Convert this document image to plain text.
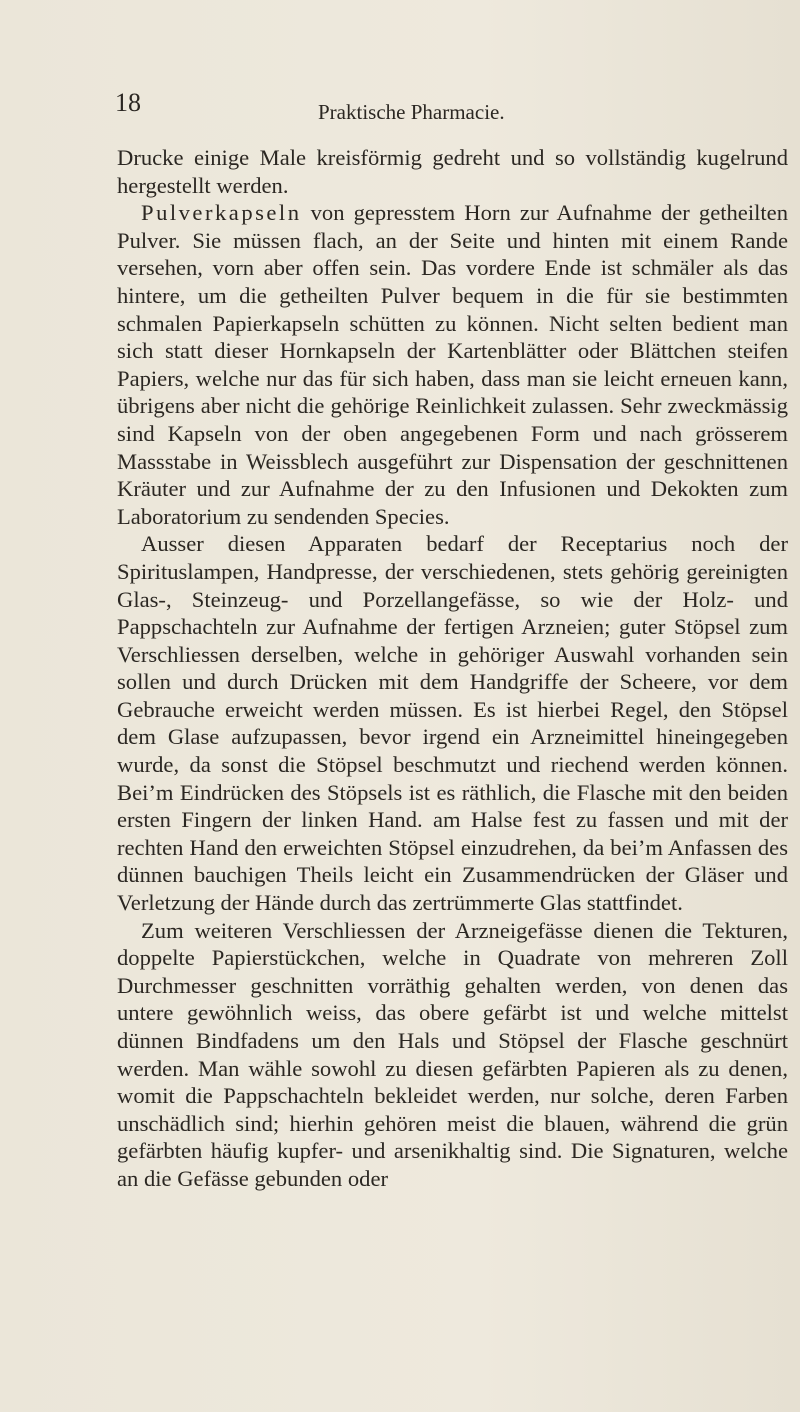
18	Praktische Pharmacie.

Drucke einige Male kreisförmig gedreht und so vollständig kugelrund hergestellt werden.

Pulverkapseln von gepresstem Horn zur Aufnahme der getheilten Pulver. Sie müssen flach, an der Seite und hinten mit einem Rande versehen, vorn aber offen sein. Das vordere Ende ist schmäler als das hintere, um die getheilten Pulver bequem in die für sie bestimmten schmalen Papierkapseln schütten zu können. Nicht selten bedient man sich statt dieser Hornkapseln der Kartenblätter oder Blättchen steifen Papiers, welche nur das für sich haben, dass man sie leicht erneuen kann, übrigens aber nicht die gehörige Reinlichkeit zulassen. Sehr zweckmässig sind Kapseln von der oben angegebenen Form und nach grösserem Massstabe in Weissblech ausgeführt zur Dispensation der geschnittenen Kräuter und zur Aufnahme der zu den Infusionen und Dekokten zum Laboratorium zu sendenden Species.

Ausser diesen Apparaten bedarf der Receptarius noch der Spirituslampen, Handpresse, der verschiedenen, stets gehörig gereinigten Glas-, Steinzeug- und Porzellangefässe, so wie der Holz- und Pappschachteln zur Aufnahme der fertigen Arzneien; guter Stöpsel zum Verschliessen derselben, welche in gehöriger Auswahl vorhanden sein sollen und durch Drücken mit dem Handgriffe der Scheere, vor dem Gebrauche erweicht werden müssen. Es ist hierbei Regel, den Stöpsel dem Glase aufzupassen, bevor irgend ein Arzneimittel hineingegeben wurde, da sonst die Stöpsel beschmutzt und riechend werden können. Bei’m Eindrücken des Stöpsels ist es räthlich, die Flasche mit den beiden ersten Fingern der linken Hand. am Halse fest zu fassen und mit der rechten Hand den erweichten Stöpsel einzudrehen, da bei’m Anfassen des dünnen bauchigen Theils leicht ein Zusammendrücken der Gläser und Verletzung der Hände durch das zertrümmerte Glas stattfindet.

Zum weiteren Verschliessen der Arzneigefässe dienen die Tekturen, doppelte Papierstückchen, welche in Quadrate von mehreren Zoll Durchmesser geschnitten vorräthig gehalten werden, von denen das untere gewöhnlich weiss, das obere gefärbt ist und welche mittelst dünnen Bindfadens um den Hals und Stöpsel der Flasche geschnürt werden. Man wähle sowohl zu diesen gefärbten Papieren als zu denen, womit die Pappschachteln bekleidet werden, nur solche, deren Farben unschädlich sind; hierhin gehören meist die blauen, während die grün gefärbten häufig kupfer- und arsenikhaltig sind. Die Signaturen, welche an die Gefässe gebunden oder
